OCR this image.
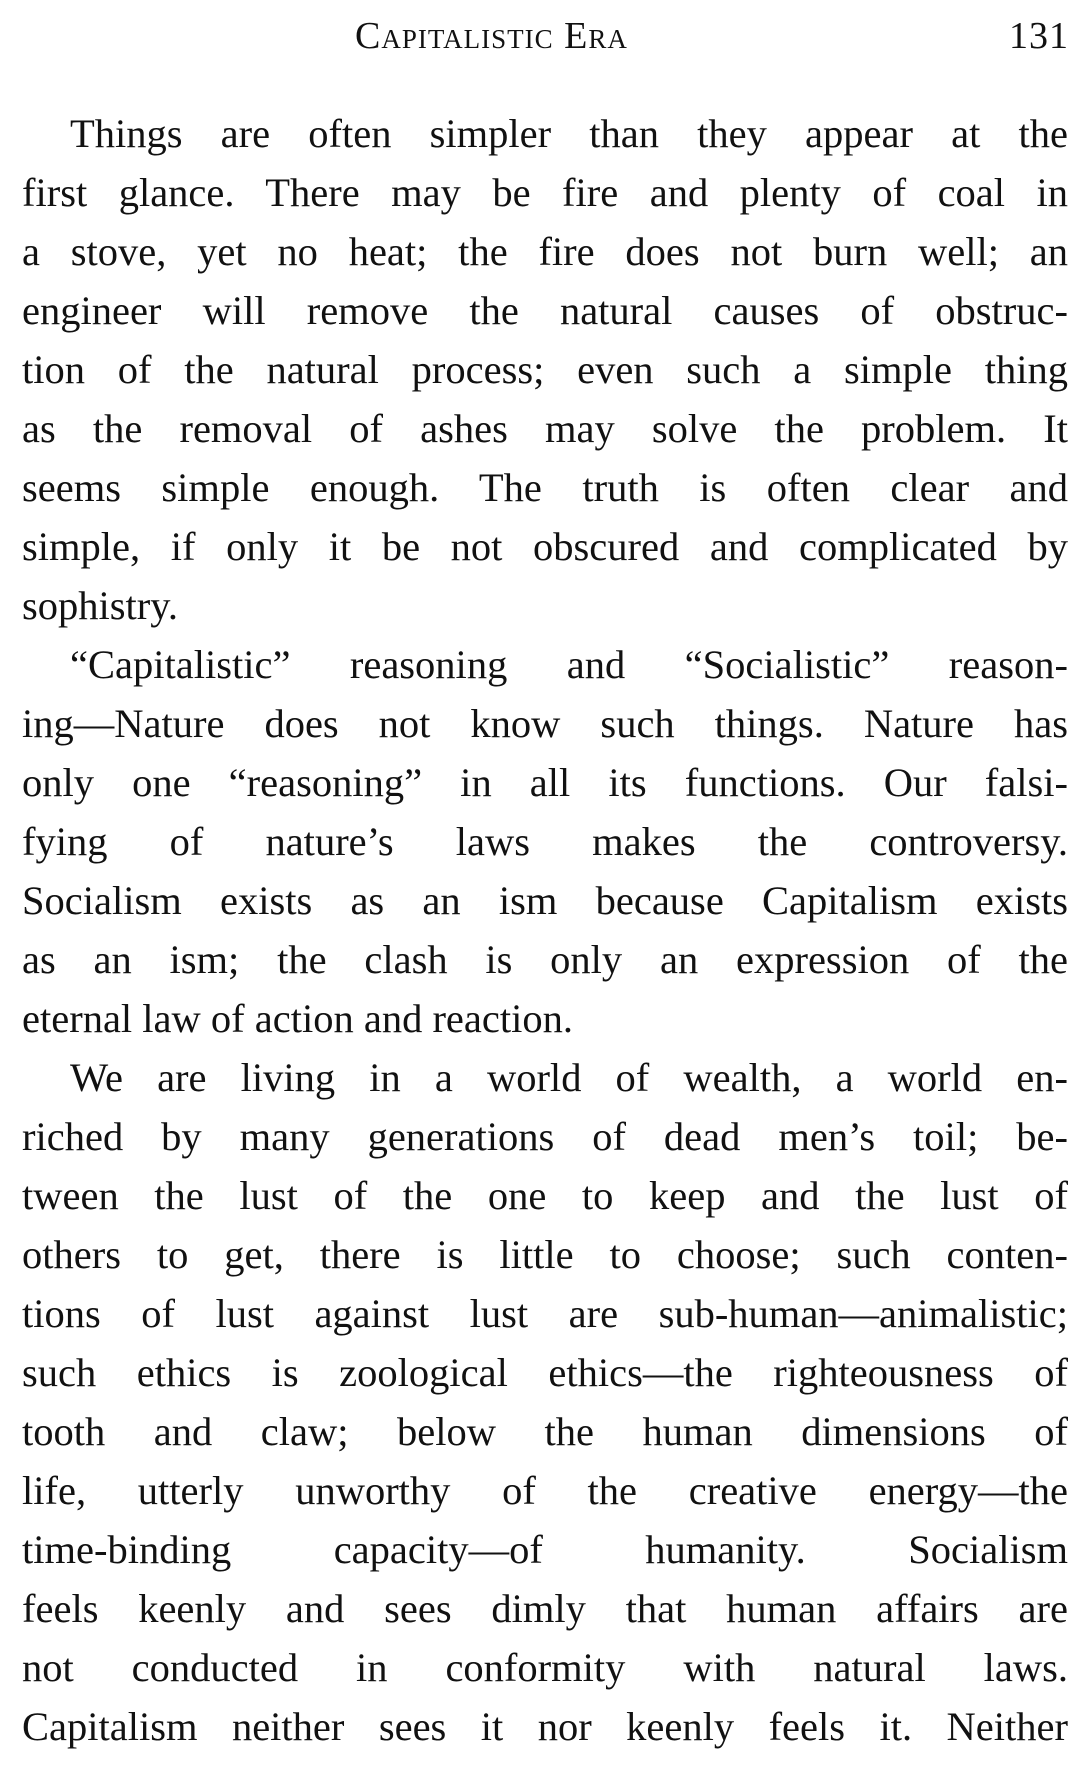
Capitalistic Era	131
Things are often simpler than they appear at the
first glance. There may be fire and plenty of coal in
a stove, yet no heat; the fire does not burn well; an
engineer will remove the natural causes of obstruc-
tion of the natural process; even such a simple thing
as the removal of ashes may solve the problem. It
seems simple enough. The truth is often clear and
simple, if only it be not obscured and complicated by
sophistry.
“Capitalistic” reasoning and “Socialistic” reason-
ing—Nature does not know such things. Nature has
only one “reasoning” in all its functions. Our falsi-
fying of nature’s laws makes the controversy.
Socialism exists as an ism because Capitalism exists
as an ism; the clash is only an expression of the
eternal law of action and reaction.
We are living in a world of wealth, a world en-
riched by many generations of dead men’s toil; be-
tween the lust of the one to keep and the lust of
others to get, there is little to choose; such conten-
tions of lust against lust are sub-human—animalistic;
such ethics is zoological ethics—the righteousness of
tooth and claw; below the human dimensions of
life, utterly unworthy of the creative energy—the
time-binding capacity—of humanity. Socialism
feels keenly and sees dimly that human affairs are
not conducted in conformity with natural laws.
Capitalism neither sees it nor keenly feels it. Neither
